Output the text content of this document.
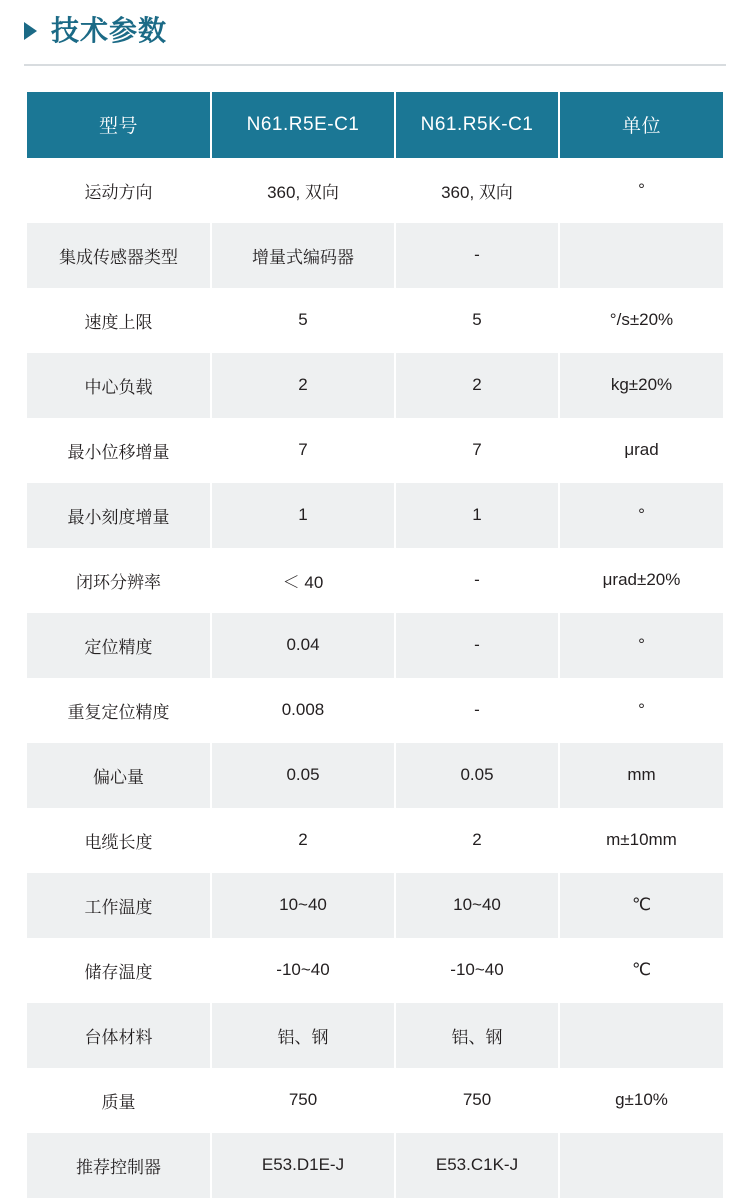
技术参数
型号	N61.R5E-C1	N61.R5K-C1	单位
运动方向	360, 双向	360, 双向	°
集成传感器类型	增量式编码器	-	
速度上限	5	5	°/s±20%
中心负载	2	2	kg±20%
最小位移增量	7	7	μrad
最小刻度增量	1	1	°
闭环分辨率	＜ 40	-	μrad±20%
定位精度	0.04	-	°
重复定位精度	0.008	-	°
偏心量	0.05	0.05	mm
电缆长度	2	2	m±10mm
工作温度	10~40	10~40	℃
储存温度	-10~40	-10~40	℃
台体材料	铝、钢	铝、钢	
质量	750	750	g±10%
推荐控制器	E53.D1E-J	E53.C1K-J	
